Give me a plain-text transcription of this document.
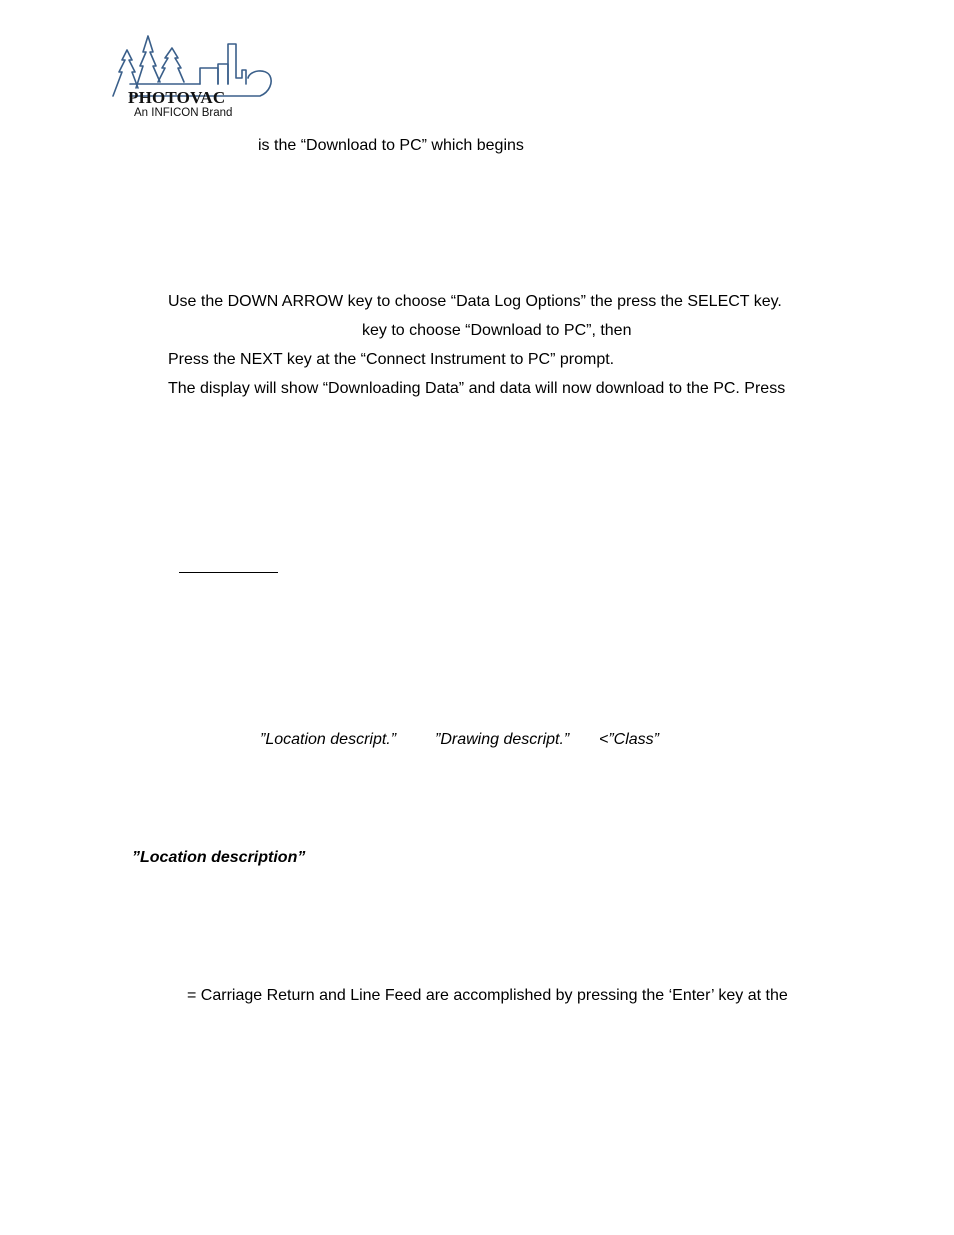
PHOTOVAC
An INFICON Brand
is the “Download to PC” which begins
Use the DOWN ARROW key to choose “Data Log Options” the press the SELECT key.
key to choose “Download to PC”, then
Press the NEXT key at the “Connect Instrument to PC” prompt.
The display will show “Downloading Data” and data will now download to the PC. Press
”Location descript.” ”Drawing descript.” <”Class”
”Location description”
= Carriage Return and Line Feed are accomplished by pressing the ‘Enter’ key at the
